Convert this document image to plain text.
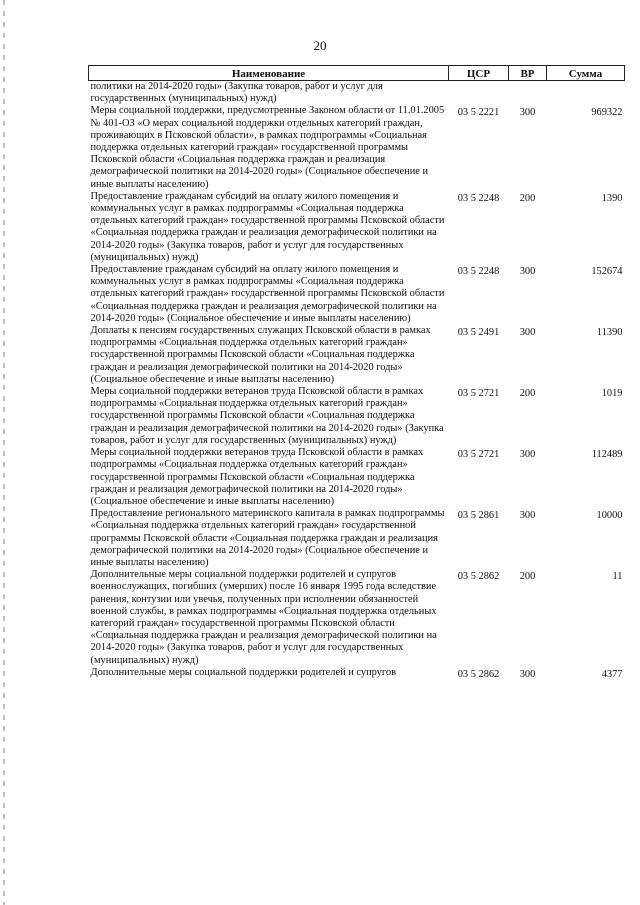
20
Наименование	ЦСР	ВР	Сумма
политики на 2014-2020 годы» (Закупка товаров, работ и услуг для государственных (муниципальных) нужд)			
Меры социальной поддержки, предусмотренные Законом области от 11.01.2005 № 401-ОЗ «О мерах социальной поддержки отдельных категорий граждан, проживающих в Псковской области», в рамках подпрограммы «Социальная поддержка отдельных категорий граждан» государственной программы Псковской области «Социальная поддержка граждан и реализация демографической политики на 2014-2020 годы» (Социальное обеспечение и иные выплаты населению)	03 5 2221	300	969322
Предоставление гражданам субсидий на оплату жилого помещения и коммунальных услуг в рамках подпрограммы «Социальная поддержка отдельных категорий граждан» государственной программы Псковской области «Социальная поддержка граждан и реализация демографической политики на 2014-2020 годы» (Закупка товаров, работ и услуг для государственных (муниципальных) нужд)	03 5 2248	200	1390
Предоставление гражданам субсидий на оплату жилого помещения и коммунальных услуг в рамках подпрограммы «Социальная поддержка отдельных категорий граждан» государственной программы Псковской области «Социальная поддержка граждан и реализация демографической политики на 2014-2020 годы» (Социальное обеспечение и иные выплаты населению)	03 5 2248	300	152674
Доплаты к пенсиям государственных служащих Псковской области в рамках подпрограммы «Социальная поддержка отдельных категорий граждан» государственной программы Псковской области «Социальная поддержка граждан и реализация демографической политики на 2014-2020 годы» (Социальное обеспечение и иные выплаты населению)	03 5 2491	300	11390
Меры социальной поддержки ветеранов труда Псковской области в рамках подпрограммы «Социальная поддержка отдельных категорий граждан» государственной программы Псковской области «Социальная поддержка граждан и реализация демографической политики на 2014-2020 годы» (Закупка товаров, работ и услуг для государственных (муниципальных) нужд)	03 5 2721	200	1019
Меры социальной поддержки ветеранов труда Псковской области в рамках подпрограммы «Социальная поддержка отдельных категорий граждан» государственной программы Псковской области «Социальная поддержка граждан и реализация демографической политики на 2014-2020 годы» (Социальное обеспечение и иные выплаты населению)	03 5 2721	300	112489
Предоставление регионального материнского капитала в рамках подпрограммы «Социальная поддержка отдельных категорий граждан» государственной программы Псковской области «Социальная поддержка граждан и реализация демографической политики на 2014-2020 годы» (Социальное обеспечение и иные выплаты населению)	03 5 2861	300	10000
Дополнительные меры социальной поддержки родителей и супругов военнослужащих, погибших (умерших) после 16 января 1995 года вследствие ранения, контузии или увечья, полученных при исполнении обязанностей военной службы, в рамках подпрограммы «Социальная поддержка отдельных категорий граждан» государственной программы Псковской области «Социальная поддержка граждан и реализация демографической политики на 2014-2020 годы» (Закупка товаров, работ и услуг для государственных (муниципальных) нужд)	03 5 2862	200	11
Дополнительные меры социальной поддержки родителей и супругов	03 5 2862	300	4377
